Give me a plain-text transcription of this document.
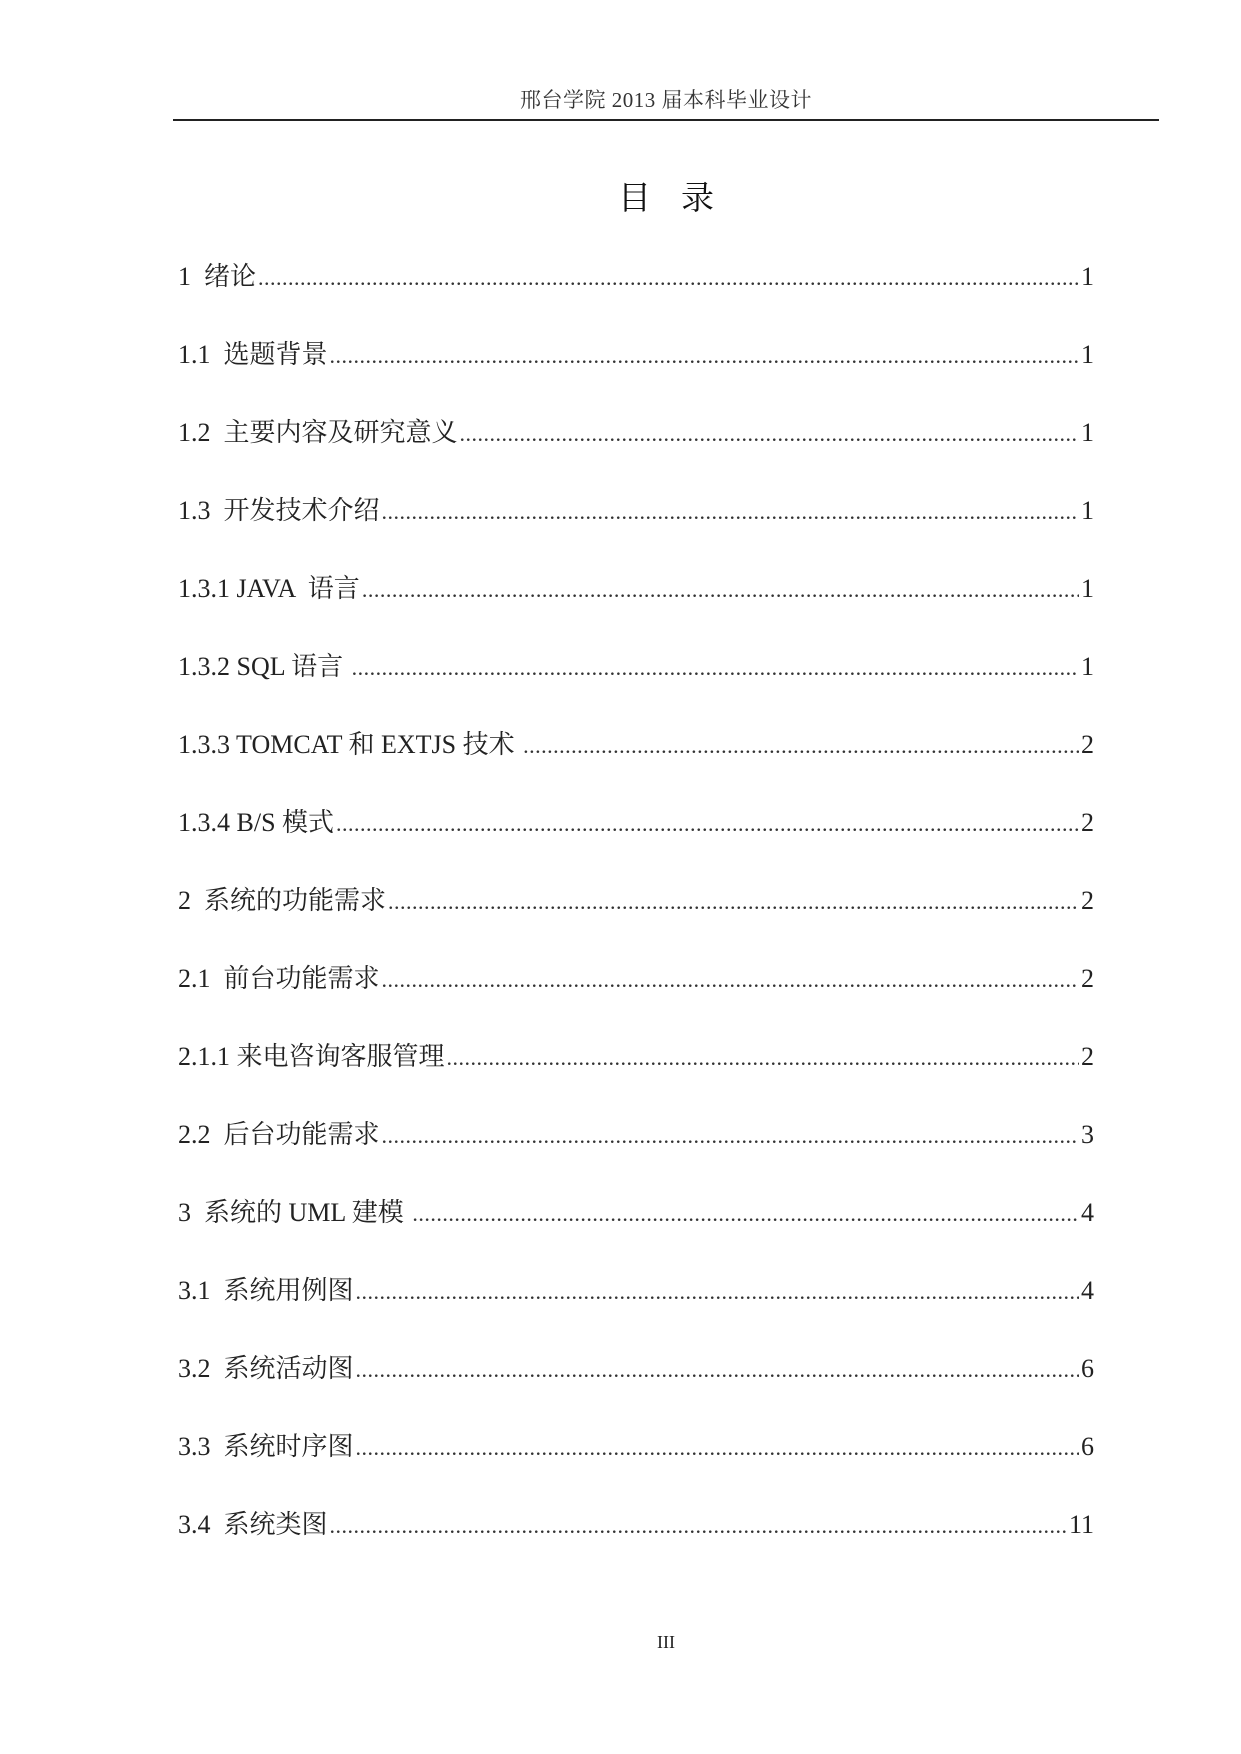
邢台学院 2013 届本科毕业设计
目录
1  绪论 .....	1
1.1  选题背景 .....	1
1.2  主要内容及研究意义 .....	1
1.3  开发技术介绍 .....	1
1.3.1 JAVA  语言 .....	1
1.3.2 SQL 语言 .....	1
1.3.3 TOMCAT 和 EXTJS 技术 .....	2
1.3.4 B/S 模式 .....	2
2  系统的功能需求 .....	2
2.1  前台功能需求 .....	2
2.1.1 来电咨询客服管理 .....	2
2.2  后台功能需求 .....	3
3  系统的 UML 建模 .....	4
3.1  系统用例图 .....	4
3.2  系统活动图 .....	6
3.3  系统时序图 .....	6
3.4  系统类图 .....	11
III
